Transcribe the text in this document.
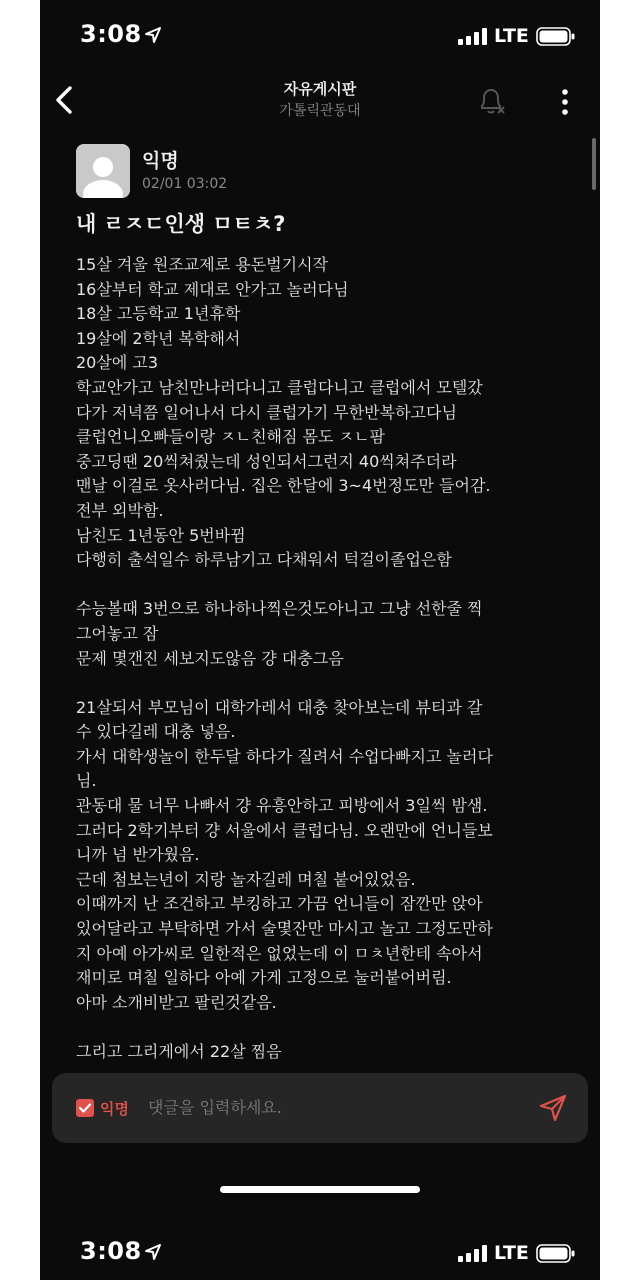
3:08	LTE
자유게시판
가톨릭관동대
익명
02/01 03:02
내 ㄹㅈㄷ인생 ㅁㅌㅊ?
15살 겨울 원조교제로 용돈벌기시작
16살부터 학교 제대로 안가고 놀러다님
18살 고등학교 1년휴학
19살에 2학년 복학해서
20살에 고3
학교안가고 남친만나러다니고 클럽다니고 클럽에서 모텔갔
다가 저녁쯤 일어나서 다시 클럽가기 무한반복하고다님
클럽언니오빠들이랑 ㅈㄴ친해짐 몸도 ㅈㄴ팜
중고딩땐 20씩쳐줬는데 성인되서그런지 40씩쳐주더라
맨날 이걸로 옷사러다님. 집은 한달에 3~4번정도만 들어감.
전부 외박함.
남친도 1년동안 5번바뀜
다행히 출석일수 하루남기고 다채워서 턱걸이졸업은함
수능볼때 3번으로 하나하나찍은것도아니고 그냥 선한줄 찍
그어놓고 잠
문제 몇갠진 세보지도않음 걍 대충그음
21살되서 부모님이 대학가레서 대충 찾아보는데 뷰티과 갈
수 있다길레 대충 넣음.
가서 대학생놀이 한두달 하다가 질려서 수업다빠지고 놀러다
님.
관동대 물 너무 나빠서 걍 유흥안하고 피방에서 3일씩 밤샘.
그러다 2학기부터 걍 서울에서 클럽다님. 오랜만에 언니들보
니까 넘 반가웠음.
근데 첨보는년이 지랑 놀자길레 며칠 붙어있었음.
이때까지 난 조건하고 부킹하고 가끔 언니들이 잠깐만 앉아
있어달라고 부탁하면 가서 술몇잔만 마시고 놀고 그정도만하
지 아예 아가씨로 일한적은 없었는데 이 ㅁㅊ년한테 속아서
재미로 며칠 일하다 아예 가게 고정으로 눌러붙어버림.
아마 소개비받고 팔린것같음.
그리고 그리게에서 22살 찜음
익명 댓글을 입력하세요.
3:08	LTE
